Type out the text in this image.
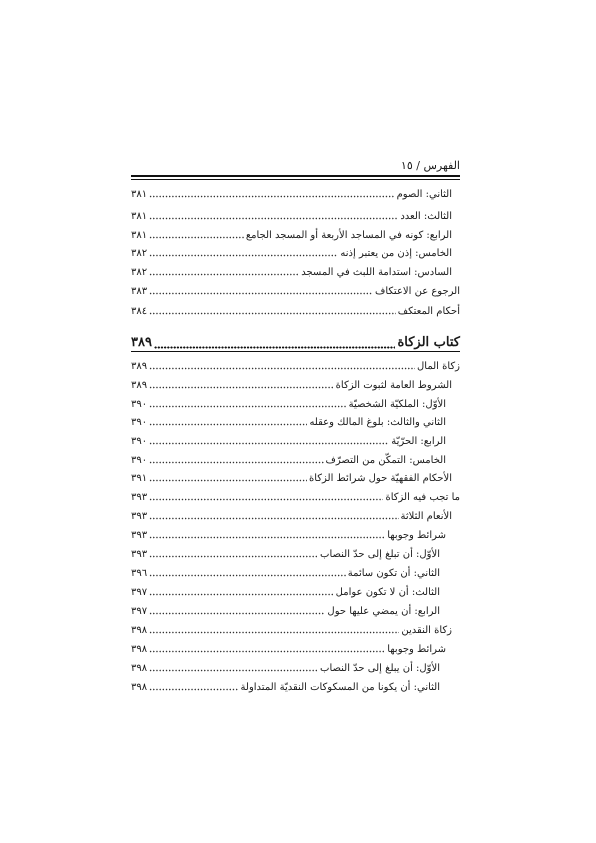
الفهرس / ١٥
الثاني: الصوم
٣٨١
الثالث: العدد
٣٨١
الرابع: كونه في المساجد الأربعة أو المسجد الجامع
٣٨١
الخامس: إذن من يعتبر إذنه
٣٨٢
السادس: استدامة اللبث في المسجد
٣٨٢
الرجوع عن الاعتكاف
٣٨٣
أحكام المعتكف
٣٨٤
كتاب الزكاة
٣٨٩
زكاة المال
٣٨٩
الشروط العامة لثبوت الزكاة
٣٨٩
الأوّل: الملكيّة الشخصيّة
٣٩٠
الثاني والثالث: بلوغ المالك وعقله
٣٩٠
الرابع: الحرّيّة
٣٩٠
الخامس: التمكّن من التصرّف
٣٩٠
الأحكام الفقهيّة حول شرائط الزكاة
٣٩١
ما تجب فيه الزكاة
٣٩٣
الأنعام الثلاثة
٣٩٣
شرائط وجوبها
٣٩٣
الأوّل: أن تبلغ إلى حدّ النصاب
٣٩٣
الثاني: أن تكون سائمة
٣٩٦
الثالث: أن لا تكون عوامل
٣٩٧
الرابع: أن يمضي عليها حول
٣٩٧
زكاة النقدين
٣٩٨
شرائط وجوبها
٣٩٨
الأوّل: أن يبلغ إلى حدّ النصاب
٣٩٨
الثاني: أن يكونا من المسكوكات النقديّة المتداولة
٣٩٨
